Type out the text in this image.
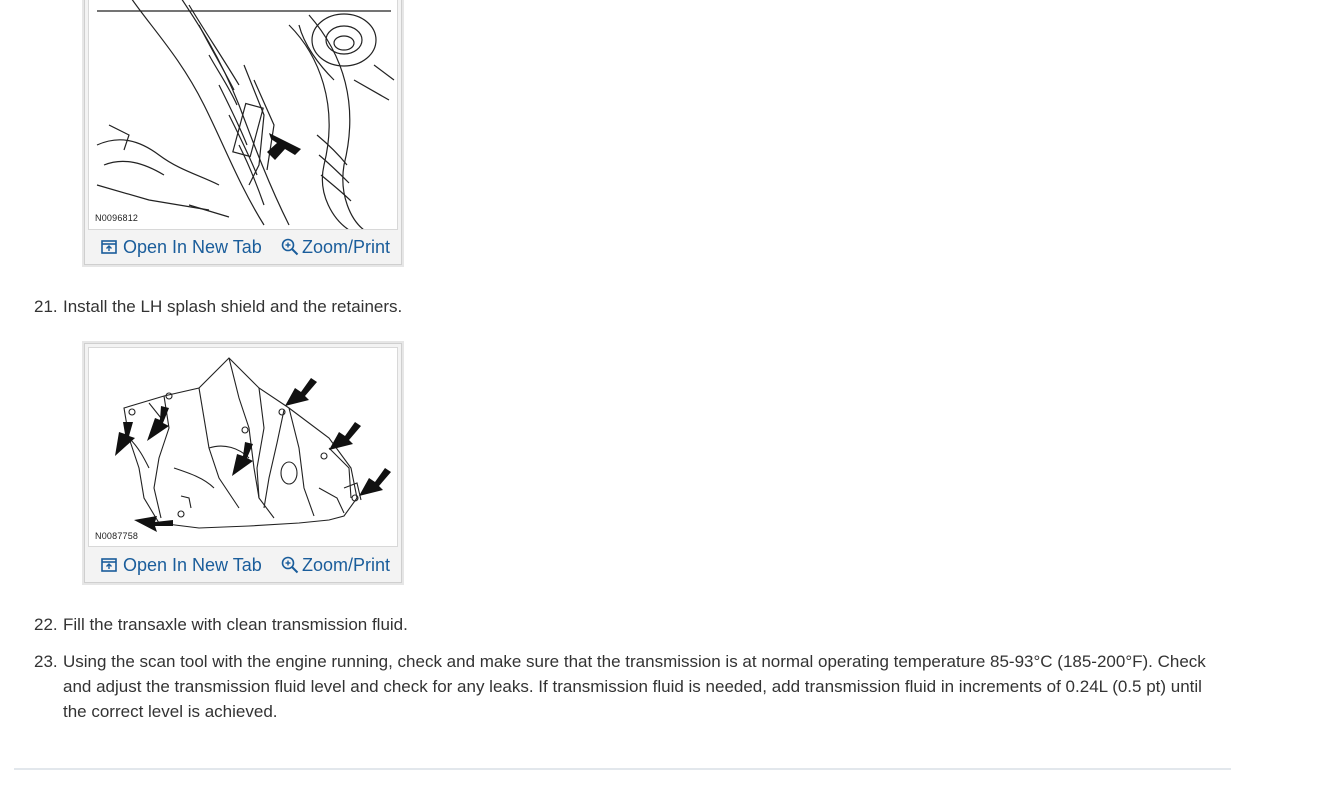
N0096812
Open In New Tab Zoom/Print
21. Install the LH splash shield and the retainers.
N0087758
Open In New Tab Zoom/Print
22. Fill the transaxle with clean transmission fluid.
23. Using the scan tool with the engine running, check and make sure that the transmission is at normal operating temperature 85-93°C (185-200°F). Check and adjust the transmission fluid level and check for any leaks. If transmission fluid is needed, add transmission fluid in increments of 0.24L (0.5 pt) until the correct level is achieved.
